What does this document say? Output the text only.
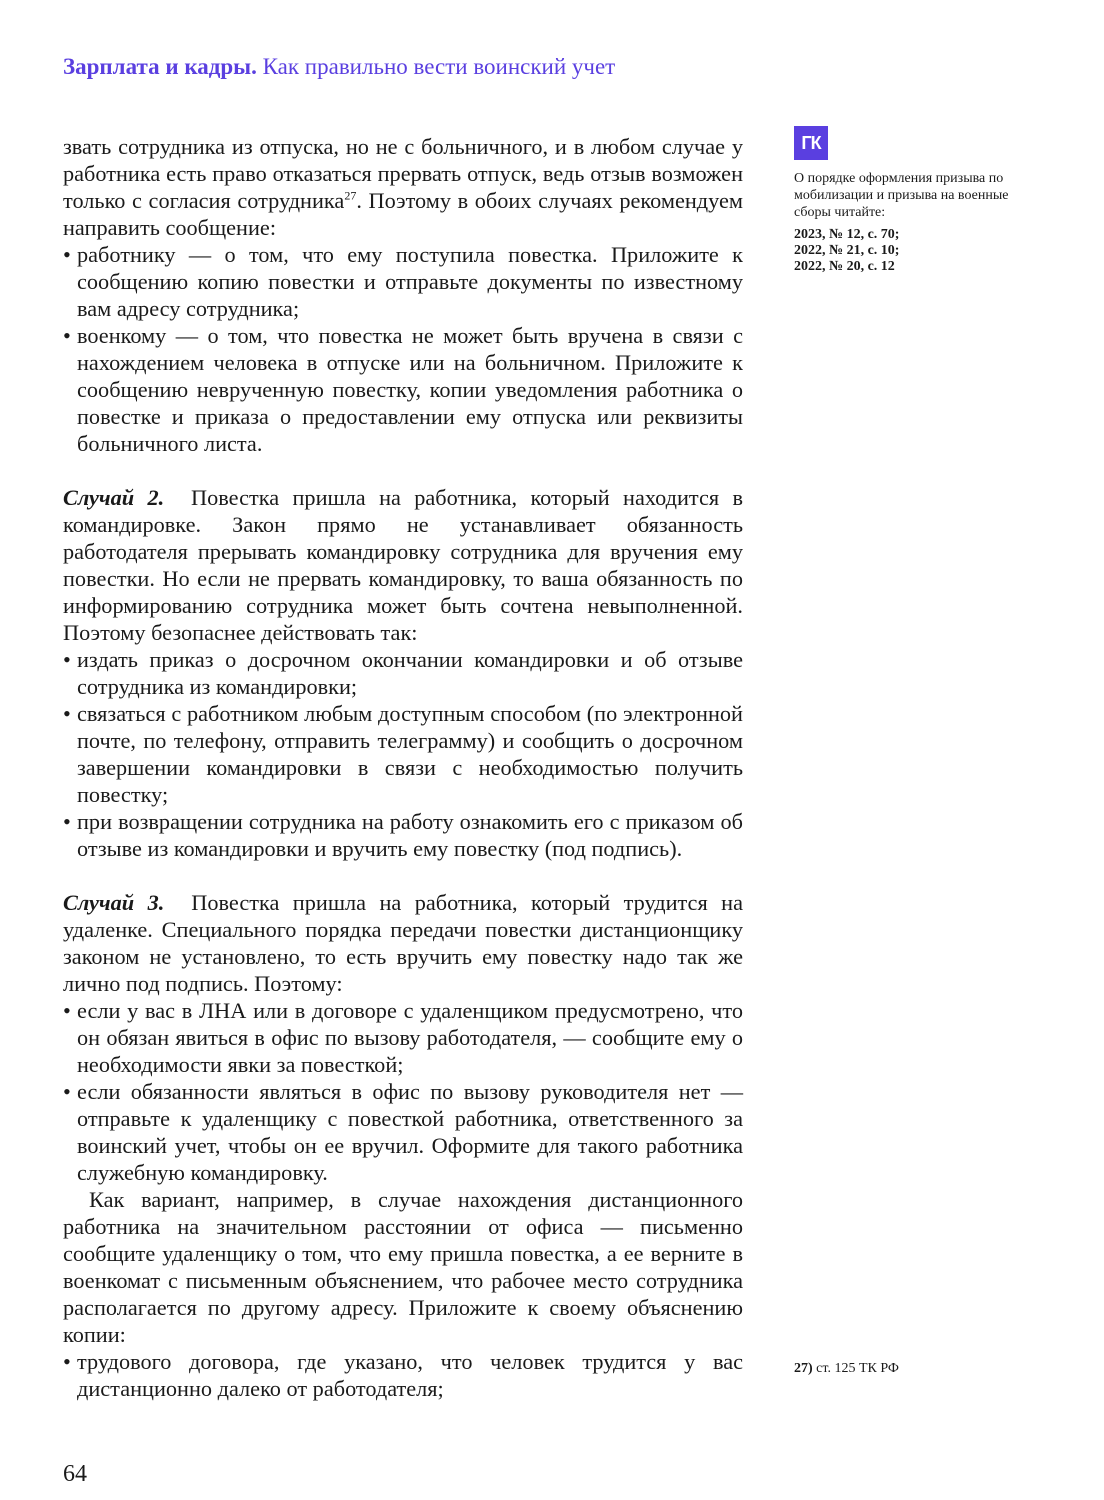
Зарплата и кадры. Как правильно вести воинский учет

звать сотрудника из отпуска, но не с больничного, и в любом случае у работника есть право отказаться прервать отпуск, ведь отзыв возможен только с согласия сотрудника$^{27}$. Поэтому в обоих случаях рекомендуем направить сообщение:

• работнику — о том, что ему поступила повестка. Приложите к сообщению копию повестки и отправьте документы по известному вам адресу сотрудника;
• военкому — о том, что повестка не может быть вручена в связи с нахождением человека в отпуске или на больничном. Приложите к сообщению неврученную повестку, копии уведомления работника о повестке и приказа о предоставлении ему отпуска или реквизиты больничного листа.

Случай 2. Повестка пришла на работника, который находится в командировке. Закон прямо не устанавливает обязанность работодателя прерывать командировку сотрудника для вручения ему повестки. Но если не прервать командировку, то ваша обязанность по информированию сотрудника может быть сочтена невыполненной. Поэтому безопаснее действовать так:

• издать приказ о досрочном окончании командировки и об отзыве сотрудника из командировки;
• связаться с работником любым доступным способом (по электронной почте, по телефону, отправить телеграмму) и сообщить о досрочном завершении командировки в связи с необходимостью получить повестку;
• при возвращении сотрудника на работу ознакомить его с приказом об отзыве из командировки и вручить ему повестку (под подпись).

Случай 3. Повестка пришла на работника, который трудится на удаленке. Специального порядка передачи повестки дистанционщику законом не установлено, то есть вручить ему повестку надо так же лично под подпись. Поэтому:

• если у вас в ЛНА или в договоре с удаленщиком предусмотрено, что он обязан явиться в офис по вызову работодателя, — сообщите ему о необходимости явки за повесткой;
• если обязанности являться в офис по вызову руководителя нет — отправьте к удаленщику с повесткой работника, ответственного за воинский учет, чтобы он ее вручил. Оформите для такого работника служебную командировку.

Как вариант, например, в случае нахождения дистанционного работника на значительном расстоянии от офиса — письменно сообщите удаленщику о том, что ему пришла повестка, а ее верните в военкомат с письменным объяснением, что рабочее место сотрудника располагается по другому адресу. Приложите к своему объяснению копии:

• трудового договора, где указано, что человек трудится у вас дистанционно далеко от работодателя;
ГК
О порядке оформления призыва по мобилизации и призыва на военные сборы читайте:
2023, № 12, с. 70;
2022, № 21, с. 10;
2022, № 20, с. 12
27) ст. 125 ТК РФ
64
